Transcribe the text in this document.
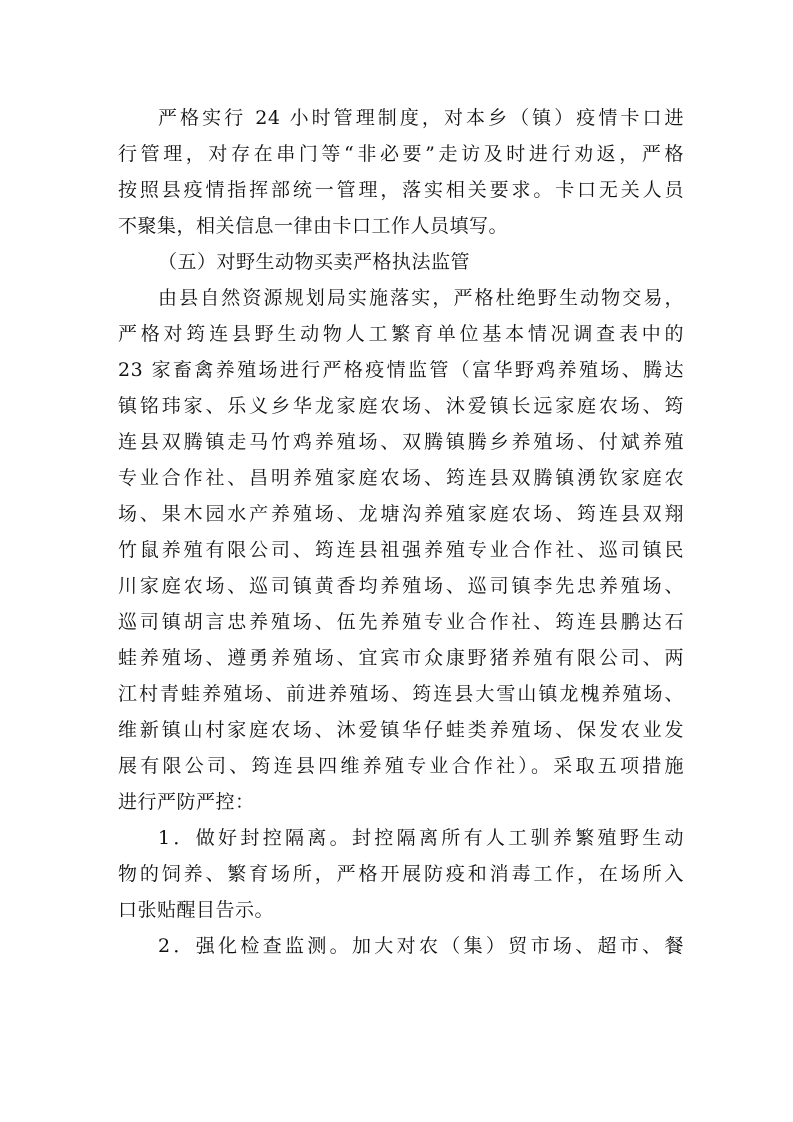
严格实行 24 小时管理制度，对本乡（镇）疫情卡口进
行管理，对存在串门等“非必要”走访及时进行劝返，严格
按照县疫情指挥部统一管理，落实相关要求。卡口无关人员
不聚集，相关信息一律由卡口工作人员填写。
（五）对野生动物买卖严格执法监管
由县自然资源规划局实施落实，严格杜绝野生动物交易，
严格对筠连县野生动物人工繁育单位基本情况调查表中的
23 家畜禽养殖场进行严格疫情监管（富华野鸡养殖场、腾达
镇铭玮家、乐义乡华龙家庭农场、沐爱镇长远家庭农场、筠
连县双腾镇走马竹鸡养殖场、双腾镇腾乡养殖场、付斌养殖
专业合作社、昌明养殖家庭农场、筠连县双腾镇湧钦家庭农
场、果木园水产养殖场、龙塘沟养殖家庭农场、筠连县双翔
竹鼠养殖有限公司、筠连县祖强养殖专业合作社、巡司镇民
川家庭农场、巡司镇黄香均养殖场、巡司镇李先忠养殖场、
巡司镇胡言忠养殖场、伍先养殖专业合作社、筠连县鹏达石
蛙养殖场、遵勇养殖场、宜宾市众康野猪养殖有限公司、两
江村青蛙养殖场、前进养殖场、筠连县大雪山镇龙槐养殖场、
维新镇山村家庭农场、沐爱镇华仔蛙类养殖场、保发农业发
展有限公司、筠连县四维养殖专业合作社）。采取五项措施
进行严防严控：
1．做好封控隔离。封控隔离所有人工驯养繁殖野生动
物的饲养、繁育场所，严格开展防疫和消毒工作，在场所入
口张贴醒目告示。
2．强化检查监测。加大对农（集）贸市场、超市、餐
